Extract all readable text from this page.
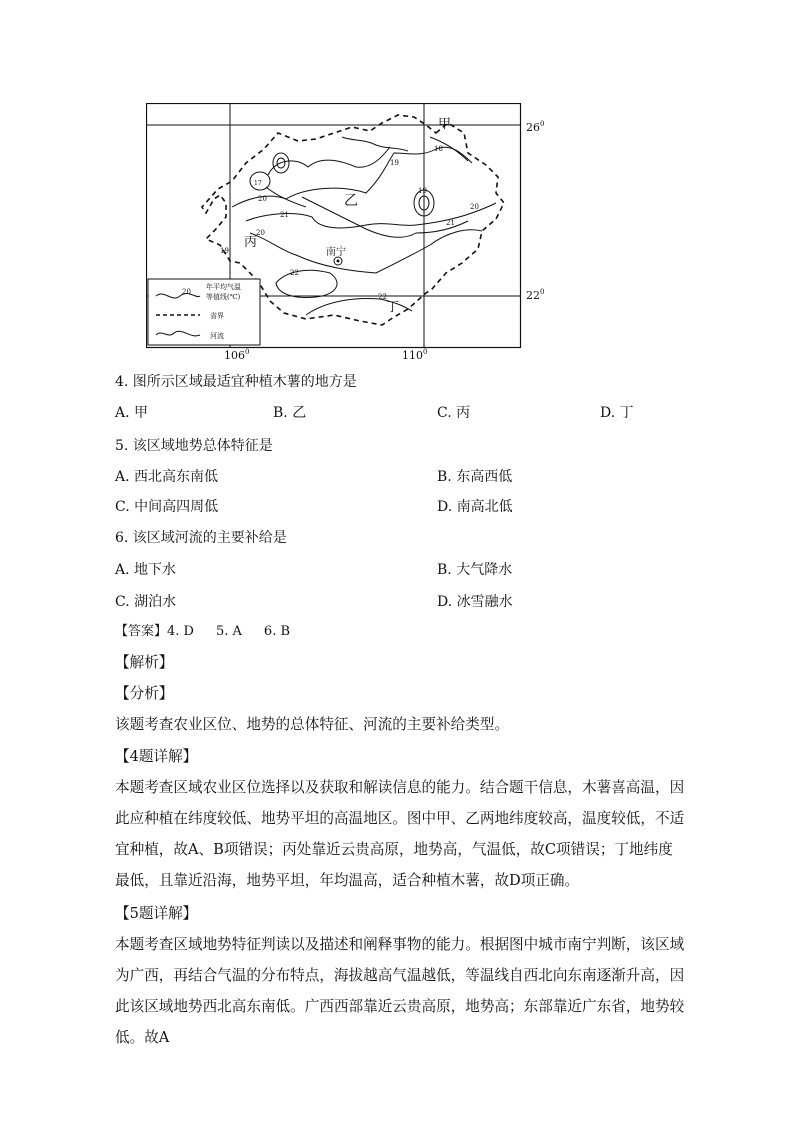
甲
乙
丙
丁
南宁
18
19
19
20
21
20
21
20
22
22
19
17
$26^0$
$22^0$
$106^0$	$110^0$
20
年平均气温
等值线(℃)
省界
河流
4. 图所示区域最适宜种植木薯的地方是
A. 甲	B. 乙	C. 丙	D. 丁
5. 该区域地势总体特征是
A. 西北高东南低	B. 东高西低
C. 中间高四周低	D. 南高北低
6. 该区域河流的主要补给是
A. 地下水	B. 大气降水
C. 湖泊水	D. 冰雪融水
【答案】4. D 5. A 6. B
【解析】
【分析】
该题考查农业区位、地势的总体特征、河流的主要补给类型。
【4题详解】
本题考查区域农业区位选择以及获取和解读信息的能力。结合题干信息，木薯喜高温，因此应种植在纬度较低、地势平坦的高温地区。图中甲、乙两地纬度较高，温度较低，不适宜种植，故A、B项错误；丙处靠近云贵高原，地势高，气温低，故C项错误；丁地纬度最低，且靠近沿海，地势平坦，年均温高，适合种植木薯，故D项正确。
【5题详解】
本题考查区域地势特征判读以及描述和阐释事物的能力。根据图中城市南宁判断，该区域为广西，再结合气温的分布特点，海拔越高气温越低，等温线自西北向东南逐渐升高，因此该区域地势西北高东南低。广西西部靠近云贵高原，地势高；东部靠近广东省，地势较低。故A
